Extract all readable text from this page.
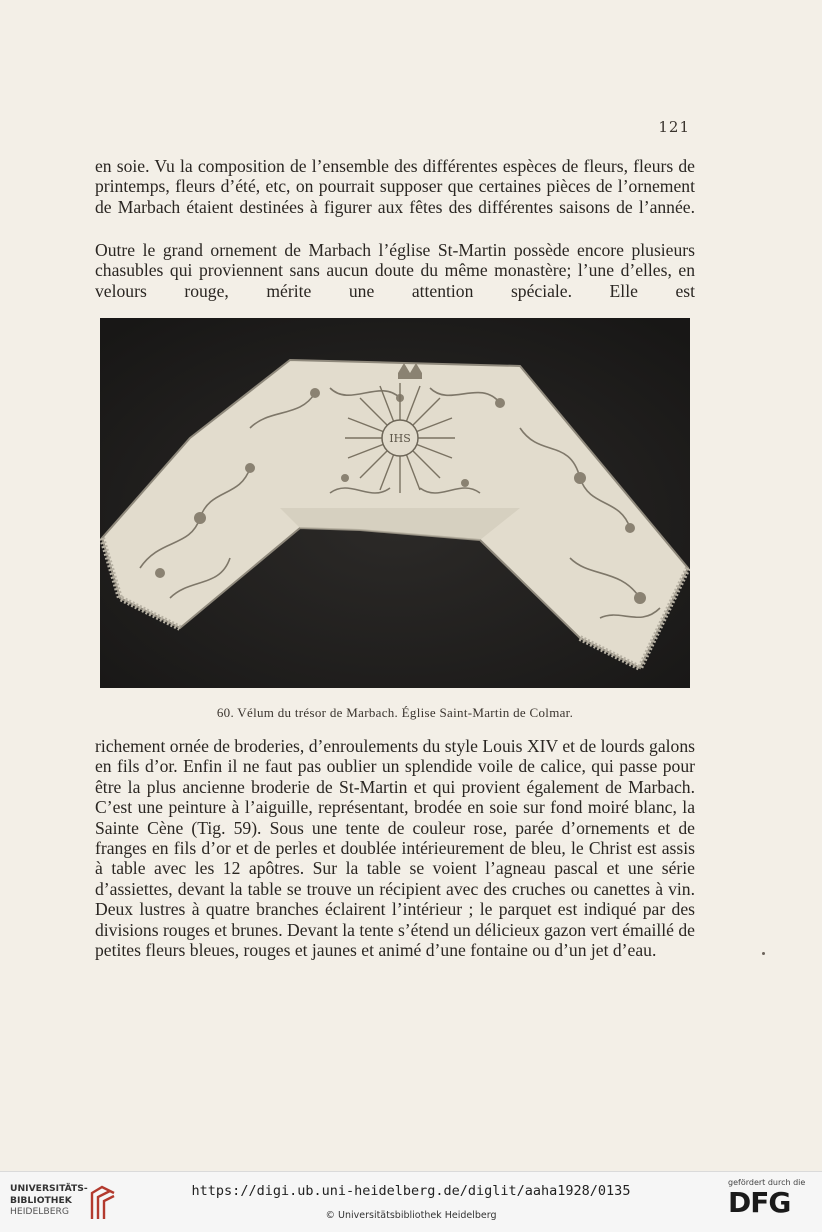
121

en soie. Vu la composition de l’ensemble des différentes espèces de fleurs, fleurs de printemps, fleurs d’été, etc, on pourrait supposer que certaines pièces de l’ornement de Marbach étaient destinées à figurer aux fêtes des différentes saisons de l’année.

Outre le grand ornement de Marbach l’église St-Martin possède encore plusieurs chasubles qui proviennent sans aucun doute du même monastère; l’une d’elles, en velours rouge, mérite une attention spéciale. Elle est

IHS
60. Vélum du trésor de Marbach. Église Saint-Martin de Colmar.

richement ornée de broderies, d’enroulements du style Louis XIV et de lourds galons en fils d’or. Enfin il ne faut pas oublier un splendide voile de calice, qui passe pour être la plus ancienne broderie de St-Martin et qui provient également de Marbach. C’est une peinture à l’aiguille, représentant, brodée en soie sur fond moiré blanc, la Sainte Cène (Tig. 59). Sous une tente de couleur rose, parée d’ornements et de franges en fils d’or et de perles et doublée intérieurement de bleu, le Christ est assis à table avec les 12 apôtres. Sur la table se voient l’agneau pascal et une série d’assiettes, devant la table se trouve un récipient avec des cruches ou canettes à vin. Deux lustres à quatre branches éclairent l’intérieur ; le parquet est indiqué par des divisions rouges et brunes. Devant la tente s’étend un délicieux gazon vert émaillé de petites fleurs bleues, rouges et jaunes et animé d’une fontaine ou d’un jet d’eau.

UNIVERSITÄTS-
BIBLIOTHEK
HEIDELBERG
https://digi.ub.uni-heidelberg.de/diglit/aaha1928/0135
© Universitätsbibliothek Heidelberg
gefördert durch die
DFG
